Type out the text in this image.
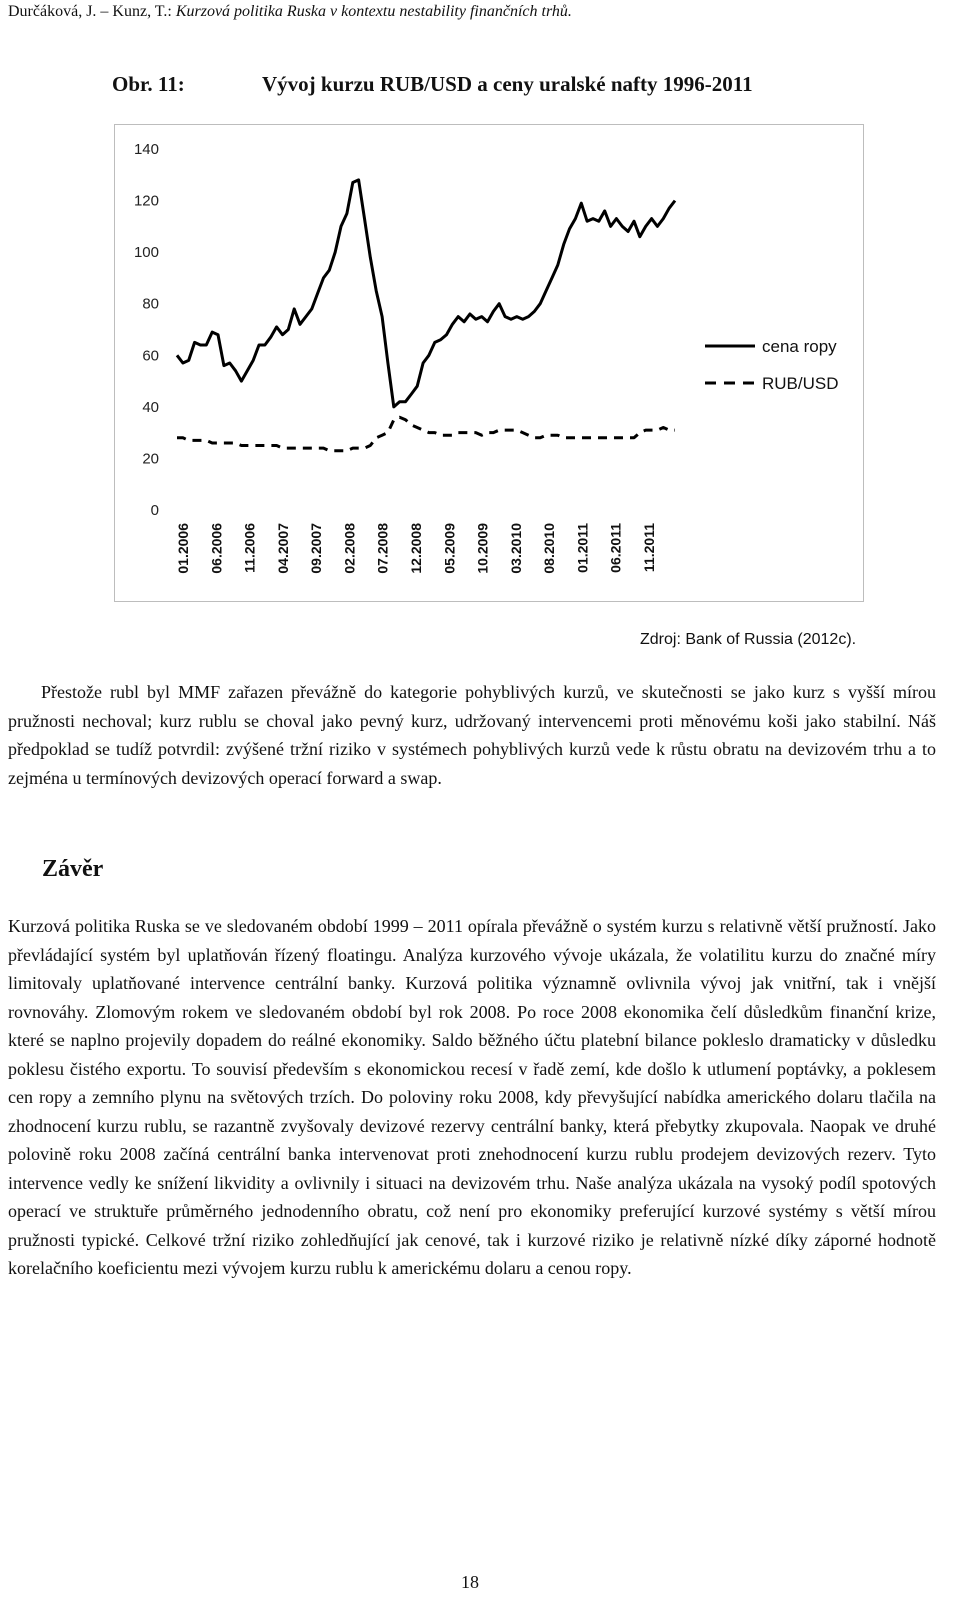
Durčáková, J. – Kunz, T.: Kurzová politika Ruska v kontextu nestability finančních trhů.
Obr. 11:	Vývoj kurzu RUB/USD a ceny uralské nafty 1996-2011
0
20
40
60
80
100
120
140
01.2006 06.2006 11.2006 04.2007 09.2007 02.2008 07.2008 12.2008 05.2009 10.2009 03.2010 08.2010 01.2011 06.2011 11.2011
cena ropy
RUB/USD
Zdroj: Bank of Russia (2012c).
Přestože rubl byl MMF zařazen převážně do kategorie pohyblivých kurzů, ve skutečnosti se jako kurz s vyšší mírou pružnosti nechoval; kurz rublu se choval jako pevný kurz, udržovaný intervencemi proti měnovému koši jako stabilní. Náš předpoklad se tudíž potvrdil: zvýšené tržní riziko v systémech pohyblivých kurzů vede k růstu obratu na devizovém trhu a to zejména u termínových devizových operací forward a swap.
Závěr
Kurzová politika Ruska se ve sledovaném období 1999 – 2011 opírala převážně o systém kurzu s relativně větší pružností. Jako převládající systém byl uplatňován řízený floatingu. Analýza kurzového vývoje ukázala, že volatilitu kurzu do značné míry limitovaly uplatňované intervence centrální banky. Kurzová politika významně ovlivnila vývoj jak vnitřní, tak i vnější rovnováhy. Zlomovým rokem ve sledovaném období byl rok 2008. Po roce 2008 ekonomika čelí důsledkům finanční krize, které se naplno projevily dopadem do reálné ekonomiky. Saldo běžného účtu platební bilance pokleslo dramaticky v důsledku poklesu čistého exportu. To souvisí především s ekonomickou recesí v řadě zemí, kde došlo k utlumení poptávky, a poklesem cen ropy a zemního plynu na světových trzích. Do poloviny roku 2008, kdy převyšující nabídka amerického dolaru tlačila na zhodnocení kurzu rublu, se razantně zvyšovaly devizové rezervy centrální banky, která přebytky zkupovala. Naopak ve druhé polovině roku 2008 začíná centrální banka intervenovat proti znehodnocení kurzu rublu prodejem devizových rezerv. Tyto intervence vedly ke snížení likvidity a ovlivnily i situaci na devizovém trhu. Naše analýza ukázala na vysoký podíl spotových operací ve struktuře průměrného jednodenního obratu, což není pro ekonomiky preferující kurzové systémy s větší mírou pružnosti typické. Celkové tržní riziko zohledňující jak cenové, tak i kurzové riziko je relativně nízké díky záporné hodnotě korelačního koeficientu mezi vývojem kurzu rublu k americkému dolaru a cenou ropy.
18
